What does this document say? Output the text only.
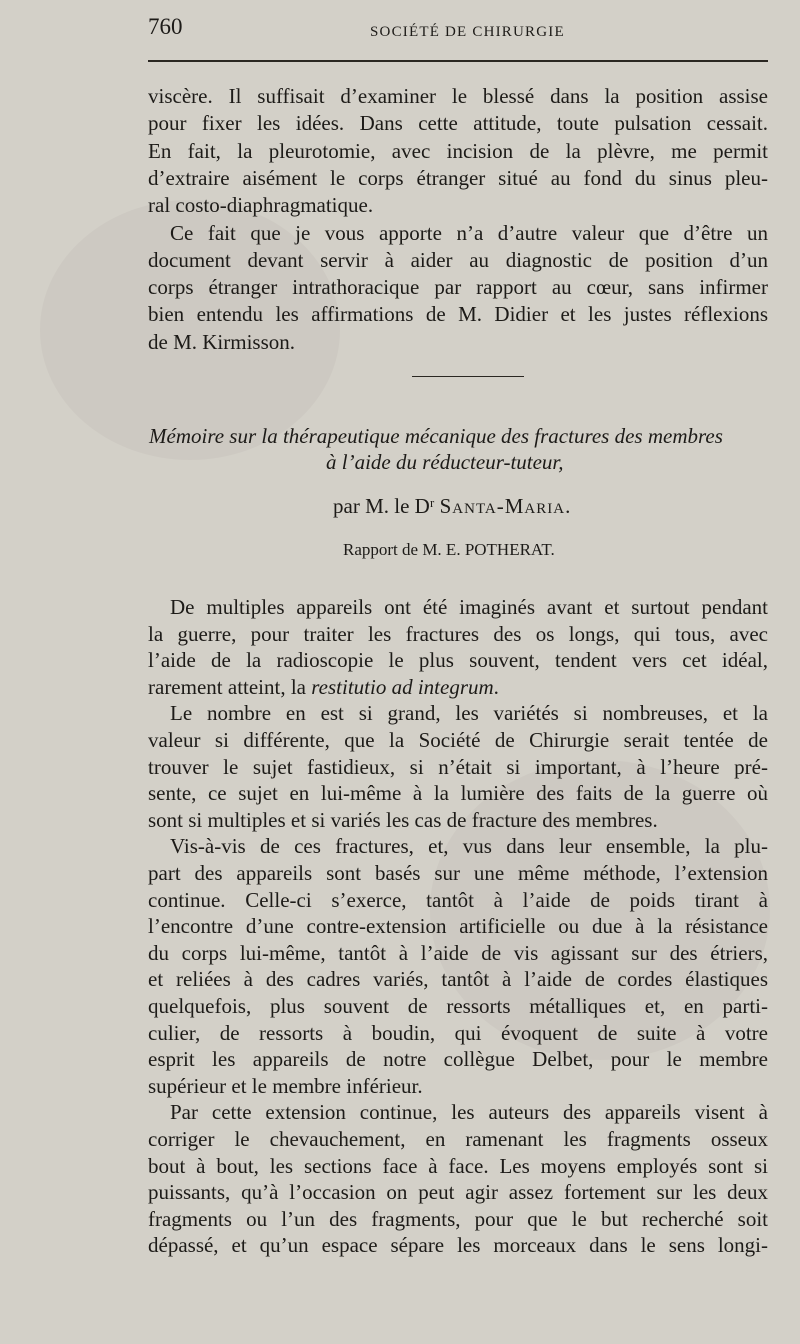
760	SOCIÉTÉ DE CHIRURGIE
viscère. Il suffisait d’examiner le blessé dans la position assise
pour fixer les idées. Dans cette attitude, toute pulsation cessait.
En fait, la pleurotomie, avec incision de la plèvre, me permit
d’extraire aisément le corps étranger situé au fond du sinus pleu-
ral costo-diaphragmatique.
Ce fait que je vous apporte n’a d’autre valeur que d’être un
document devant servir à aider au diagnostic de position d’un
corps étranger intrathoracique par rapport au cœur, sans infirmer
bien entendu les affirmations de M. Didier et les justes réflexions
de M. Kirmisson.
Mémoire sur la thérapeutique mécanique des fractures des membres
à l’aide du réducteur-tuteur,
par M. le Dʳ Santa-Maria.
Rapport de M. E. POTHERAT.
De multiples appareils ont été imaginés avant et surtout pendant
la guerre, pour traiter les fractures des os longs, qui tous, avec
l’aide de la radioscopie le plus souvent, tendent vers cet idéal,
rarement atteint, la restitutio ad integrum.
Le nombre en est si grand, les variétés si nombreuses, et la
valeur si différente, que la Société de Chirurgie serait tentée de
trouver le sujet fastidieux, si n’était si important, à l’heure pré-
sente, ce sujet en lui-même à la lumière des faits de la guerre où
sont si multiples et si variés les cas de fracture des membres.
Vis-à-vis de ces fractures, et, vus dans leur ensemble, la plu-
part des appareils sont basés sur une même méthode, l’extension
continue. Celle-ci s’exerce, tantôt à l’aide de poids tirant à
l’encontre d’une contre-extension artificielle ou due à la résistance
du corps lui-même, tantôt à l’aide de vis agissant sur des étriers,
et reliées à des cadres variés, tantôt à l’aide de cordes élastiques
quelquefois, plus souvent de ressorts métalliques et, en parti-
culier, de ressorts à boudin, qui évoquent de suite à votre
esprit les appareils de notre collègue Delbet, pour le membre
supérieur et le membre inférieur.
Par cette extension continue, les auteurs des appareils visent à
corriger le chevauchement, en ramenant les fragments osseux
bout à bout, les sections face à face. Les moyens employés sont si
puissants, qu’à l’occasion on peut agir assez fortement sur les deux
fragments ou l’un des fragments, pour que le but recherché soit
dépassé, et qu’un espace sépare les morceaux dans le sens longi-
